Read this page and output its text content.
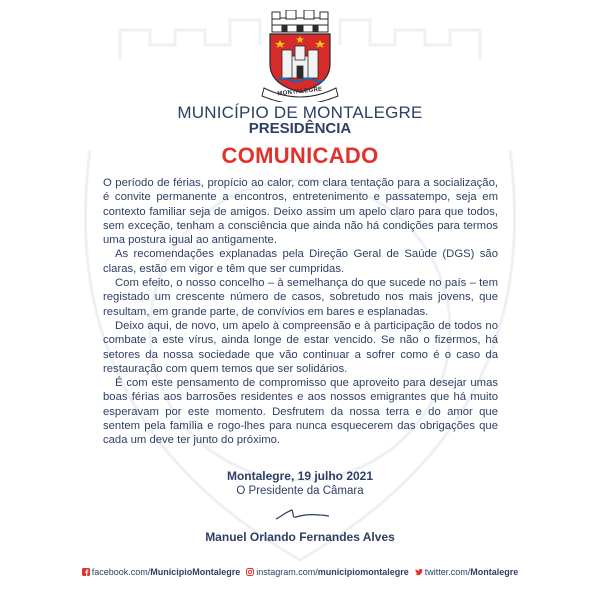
MONTALEGRE
MUNICÍPIO DE MONTALEGRE
PRESIDÊNCIA
COMUNICADO

O período de férias, propício ao calor, com clara tentação para a socialização, é convite permanente a encontros, entretenimento e passatempo, seja em contexto familiar seja de amigos. Deixo assim um apelo claro para que todos, sem exceção, tenham a consciência que ainda não há condições para termos uma postura igual ao antigamente.

As recomendações explanadas pela Direção Geral de Saúde (DGS) são claras, estão em vigor e têm que ser cumpridas.

Com efeito, o nosso concelho – à semelhança do que sucede no país – tem registado um crescente número de casos, sobretudo nos mais jovens, que resultam, em grande parte, de convívios em bares e esplanadas.

Deixo aqui, de novo, um apelo à compreensão e à participação de todos no combate a este vírus, ainda longe de estar vencido. Se não o fizermos, há setores da nossa sociedade que vão continuar a sofrer como é o caso da restauração com quem temos que ser solidários.

É com este pensamento de compromisso que aproveito para desejar umas boas férias aos barrosões residentes e aos nossos emigrantes que há muito esperavam por este momento. Desfrutem da nossa terra e do amor que sentem pela família e rogo-lhes para nunca esquecerem das obrigações que cada um deve ter junto do próximo.

Montalegre, 19 julho 2021
O Presidente da Câmara
Manuel Orlando Fernandes Alves
facebook.com/ MunicipioMontalegre instagram.com/ municipiomontalegre twitter.com/ Montalegre
